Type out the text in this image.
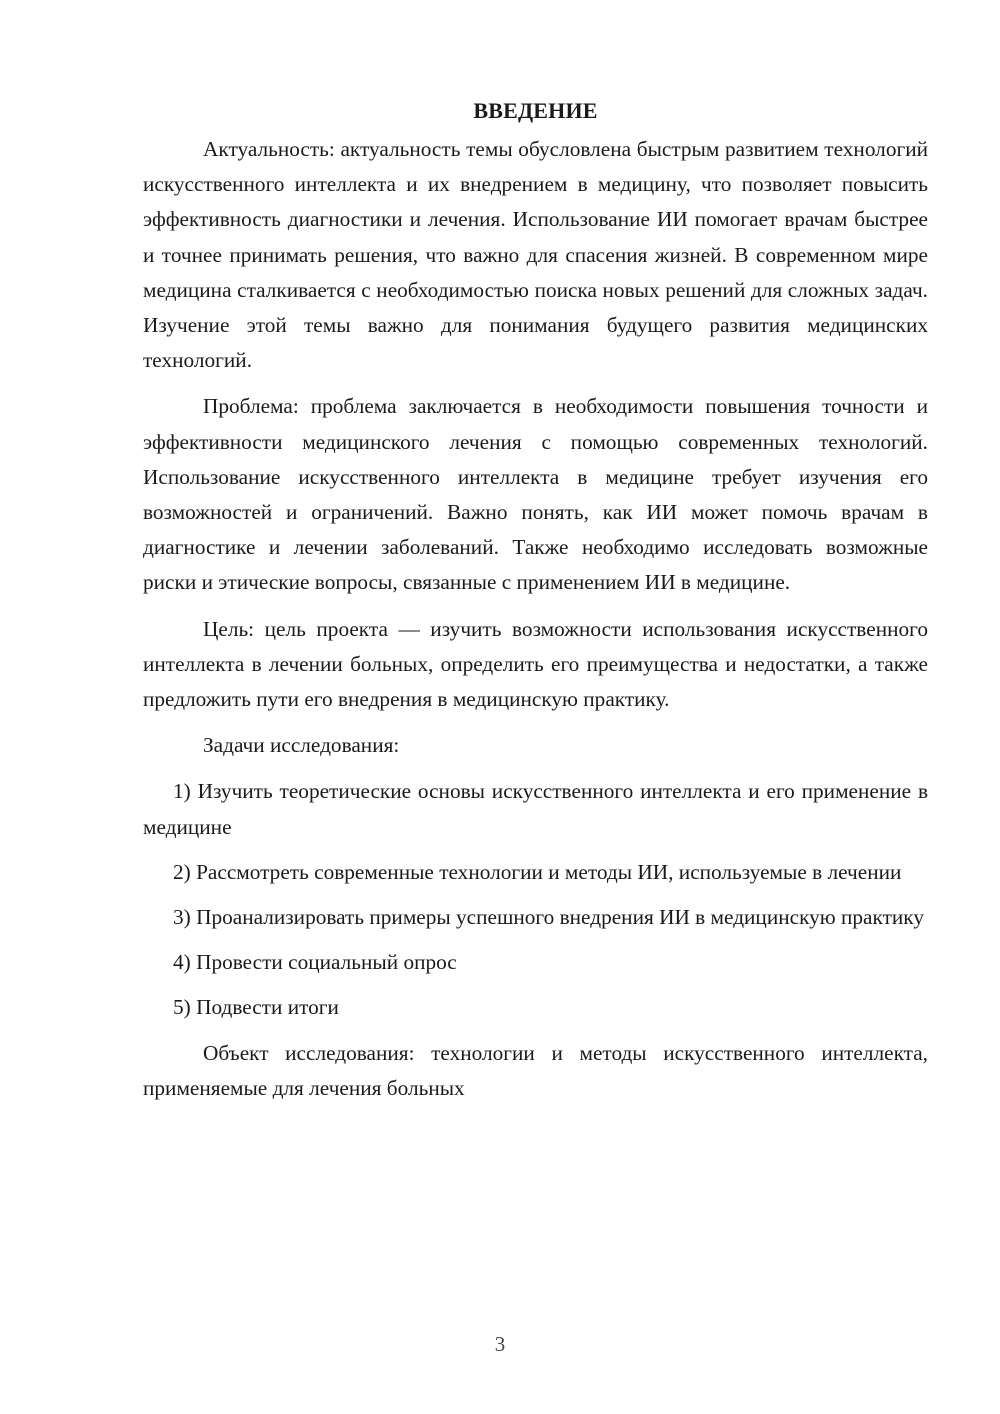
ВВЕДЕНИЕ

Актуальность: актуальность темы обусловлена быстрым развитием технологий искусственного интеллекта и их внедрением в медицину, что позволяет повысить эффективность диагностики и лечения. Использование ИИ помогает врачам быстрее и точнее принимать решения, что важно для спасения жизней. В современном мире медицина сталкивается с необходимостью поиска новых решений для сложных задач. Изучение этой темы важно для понимания будущего развития медицинских технологий.

Проблема: проблема заключается в необходимости повышения точности и эффективности медицинского лечения с помощью современных технологий. Использование искусственного интеллекта в медицине требует изучения его возможностей и ограничений. Важно понять, как ИИ может помочь врачам в диагностике и лечении заболеваний. Также необходимо исследовать возможные риски и этические вопросы, связанные с применением ИИ в медицине.

Цель: цель проекта — изучить возможности использования искусственного интеллекта в лечении больных, определить его преимущества и недостатки, а также предложить пути его внедрения в медицинскую практику.

Задачи исследования:

1) Изучить теоретические основы искусственного интеллекта и его применение в медицине

2) Рассмотреть современные технологии и методы ИИ, используемые в лечении

3) Проанализировать примеры успешного внедрения ИИ в медицинскую практику

4) Провести социальный опрос

5) Подвести итоги

Объект исследования: технологии и методы искусственного интеллекта, применяемые для лечения больных

3
